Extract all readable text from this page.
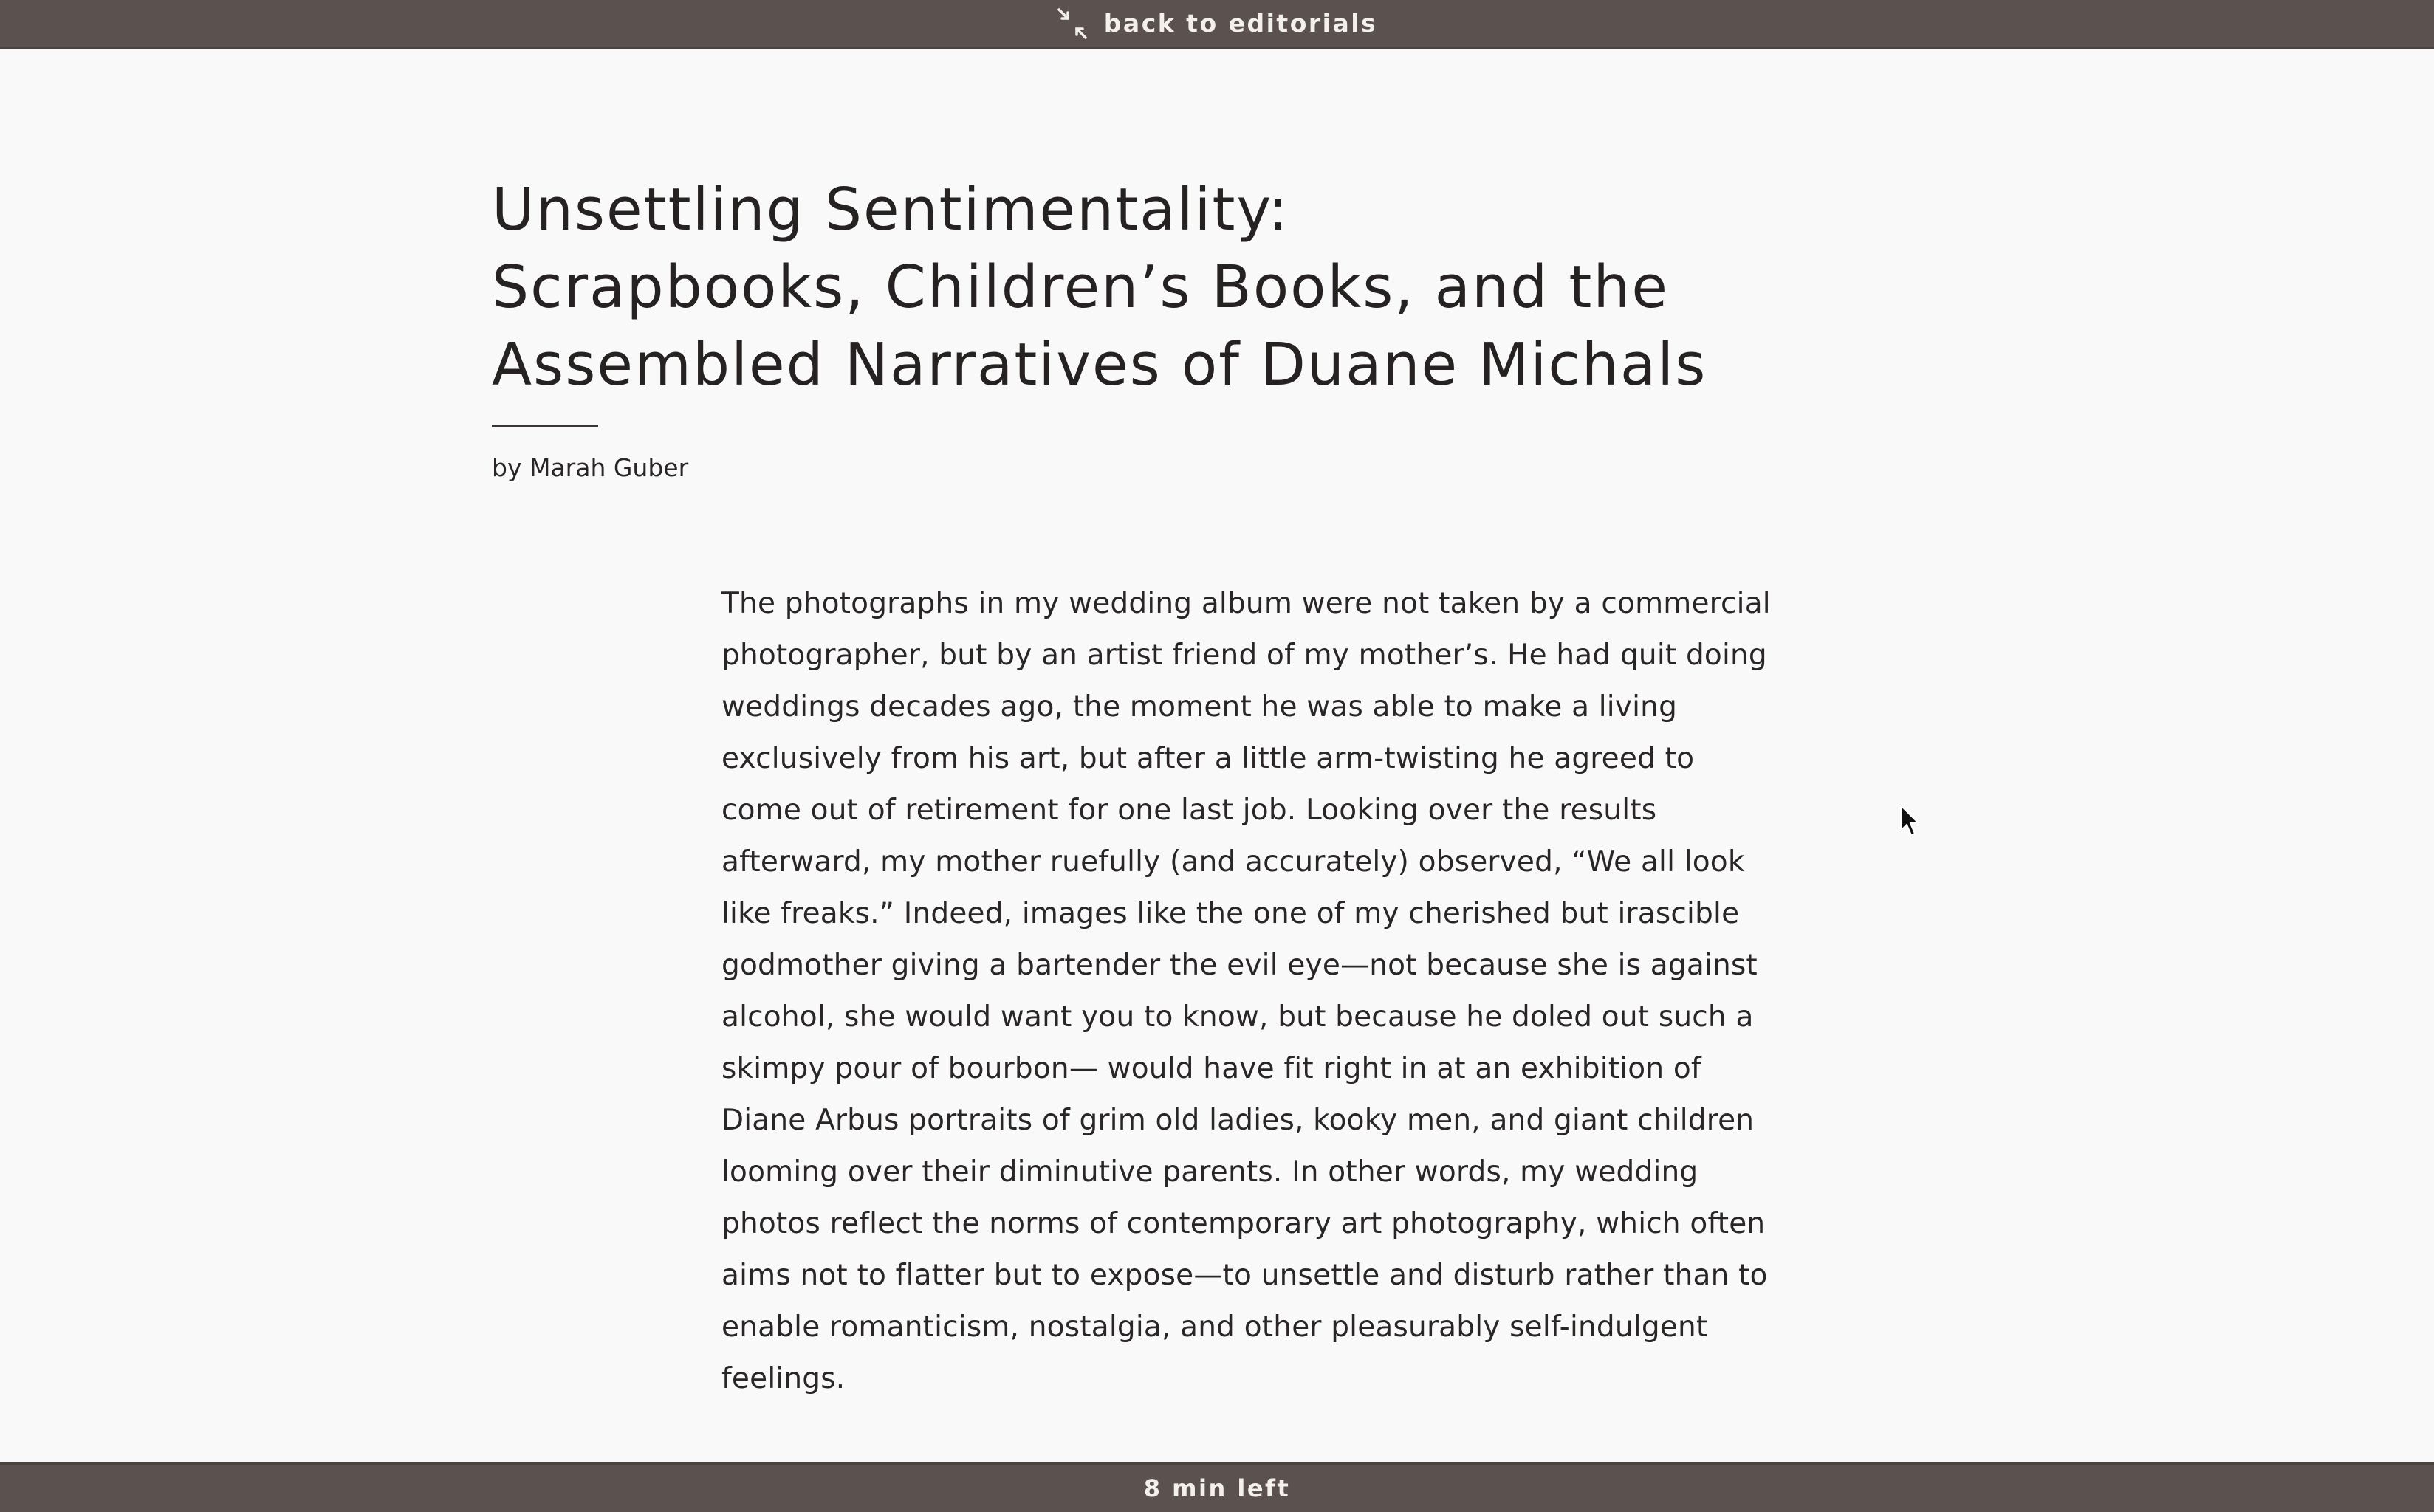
back to editorials
Unsettling Sentimentality:
Scrapbooks, Children’s Books, and the
Assembled Narratives of Duane Michals

by Marah Guber

The photographs in my wedding album were not taken by a commercial
photographer, but by an artist friend of my mother’s. He had quit doing
weddings decades ago, the moment he was able to make a living
exclusively from his art, but after a little arm-twisting he agreed to
come out of retirement for one last job. Looking over the results
afterward, my mother ruefully (and accurately) observed, “We all look
like freaks.” Indeed, images like the one of my cherished but irascible
godmother giving a bartender the evil eye—not because she is against
alcohol, she would want you to know, but because he doled out such a
skimpy pour of bourbon— would have fit right in at an exhibition of
Diane Arbus portraits of grim old ladies, kooky men, and giant children
looming over their diminutive parents. In other words, my wedding
photos reflect the norms of contemporary art photography, which often
aims not to flatter but to expose—to unsettle and disturb rather than to
enable romanticism, nostalgia, and other pleasurably self-indulgent
feelings.

8 min left
